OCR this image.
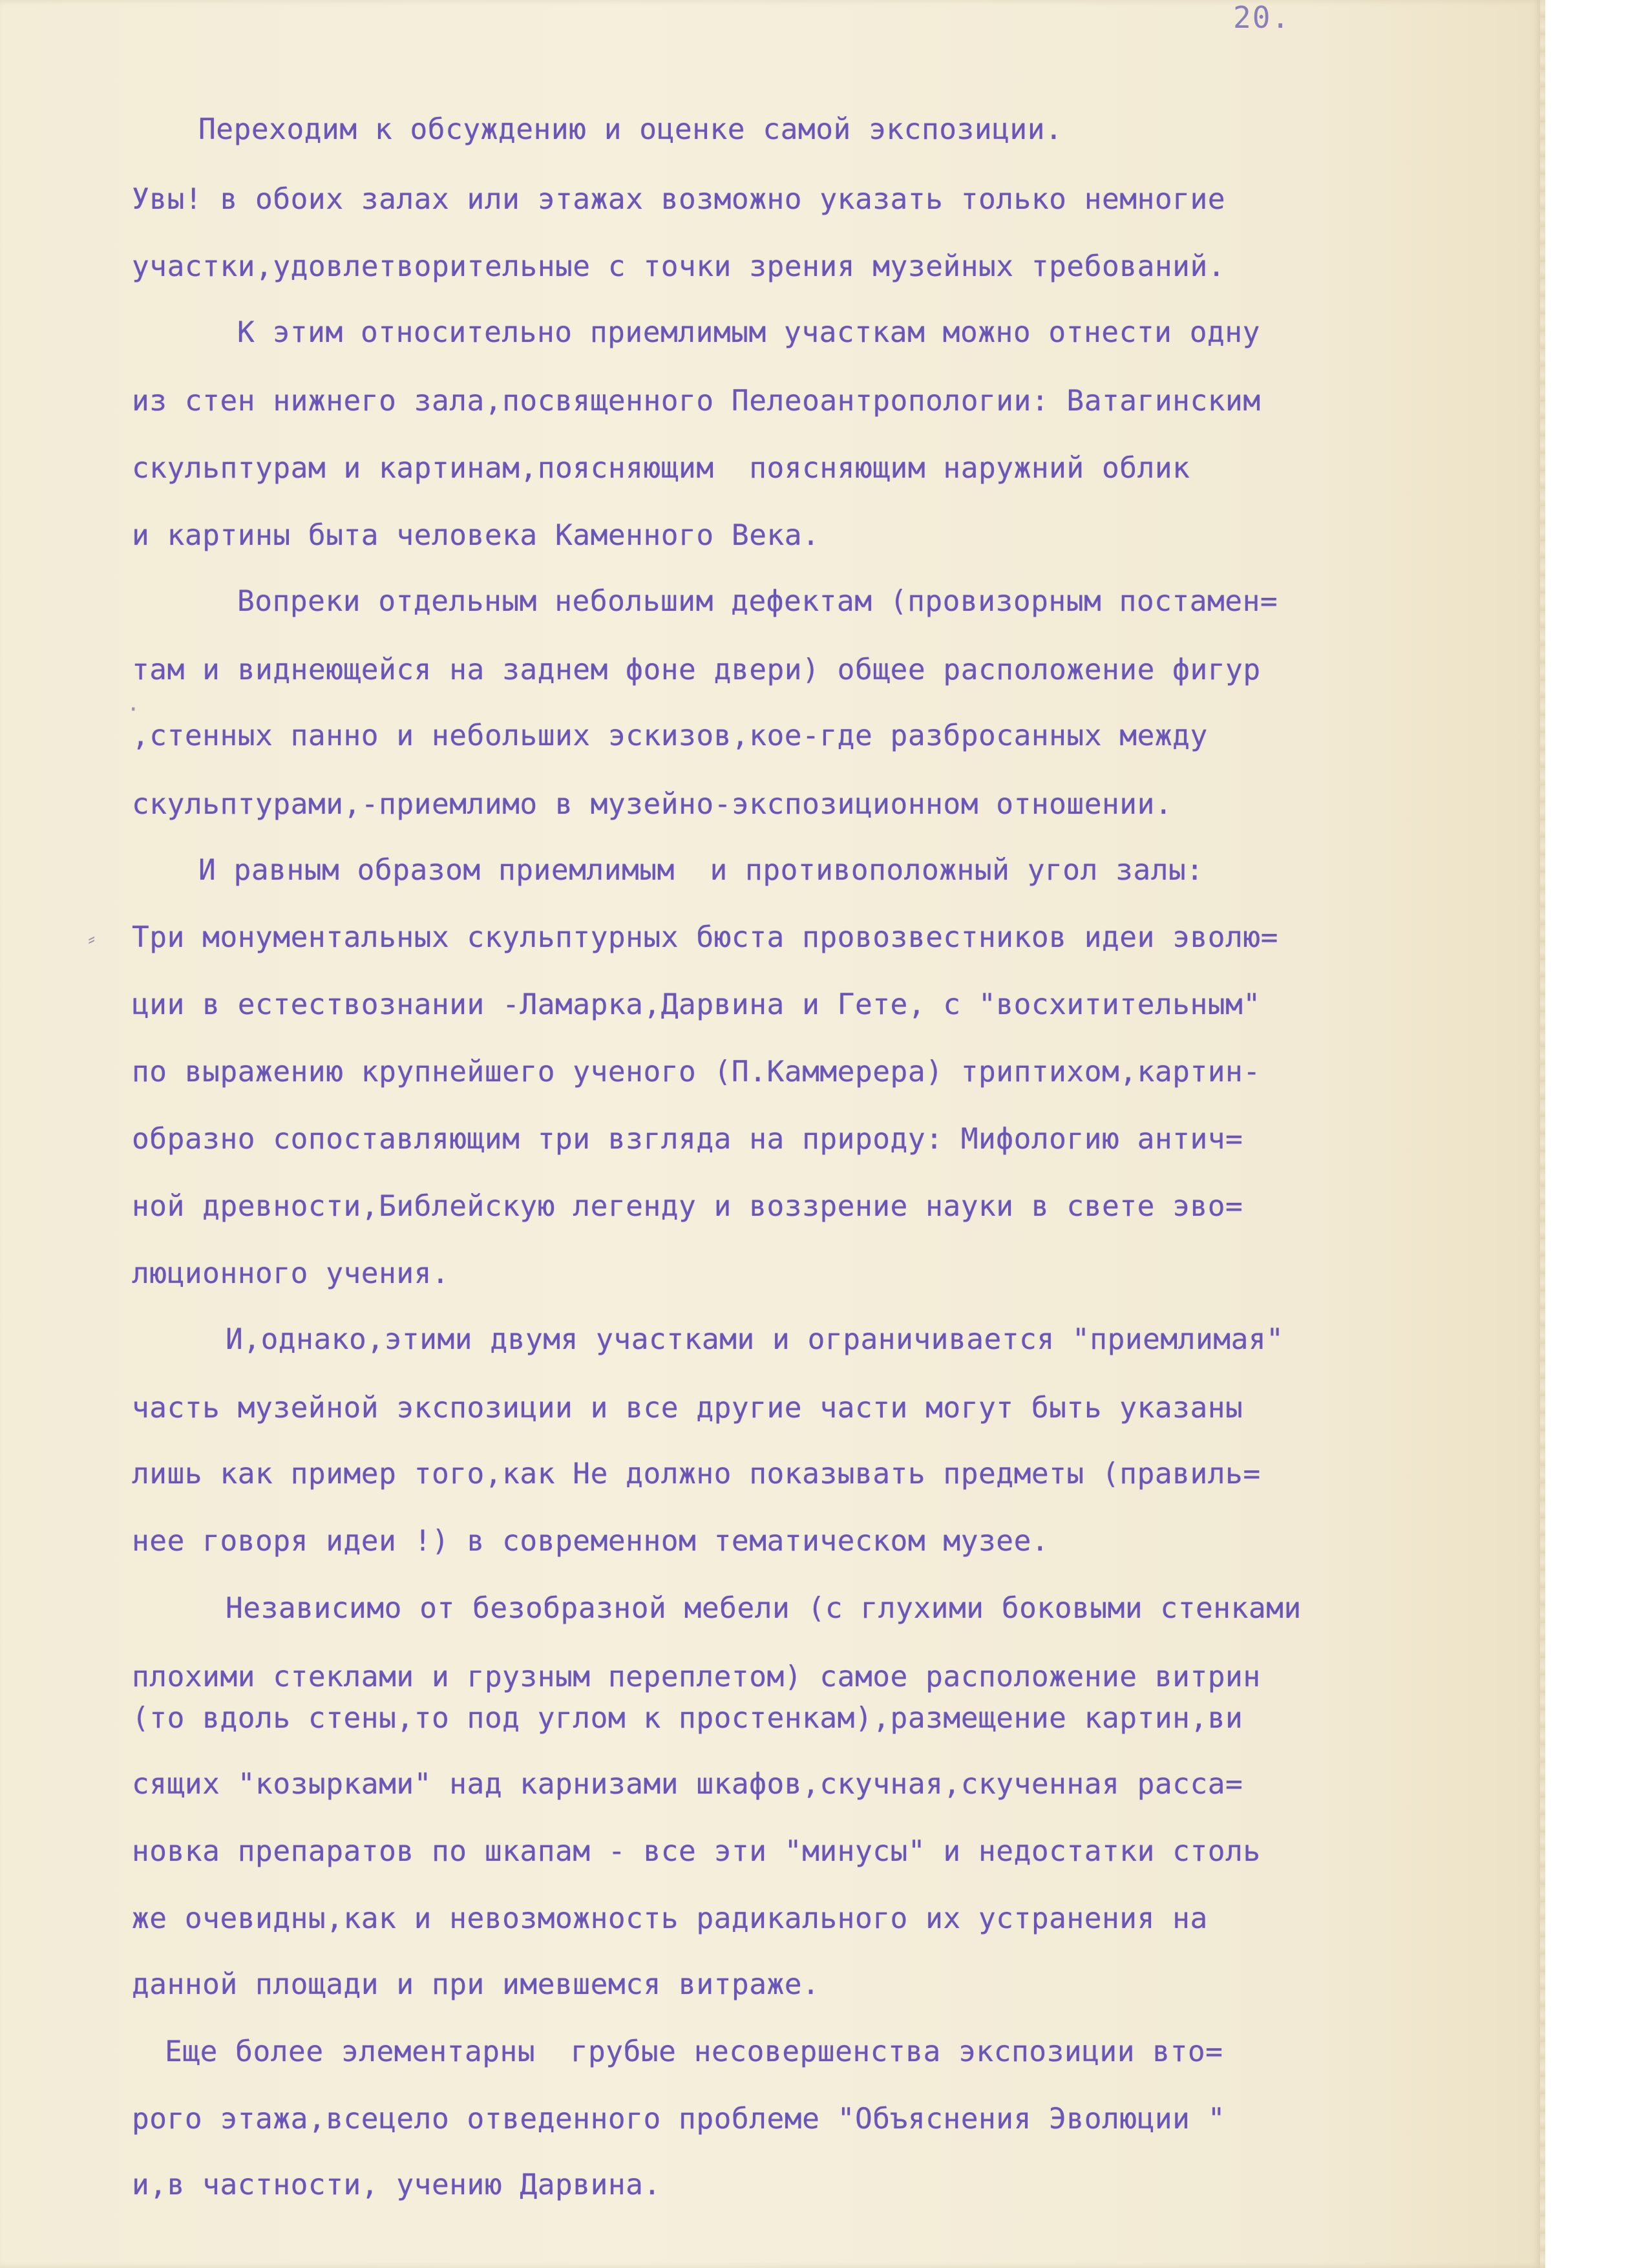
20.
·
⸗
Переходим к обсуждению и оценке самой экспозиции.
Увы! в обоих залах или этажах возможно указать только немногие
участки,удовлетворительные с точки зрения музейных требований.
К этим относительно приемлимым участкам можно отнести одну
из стен нижнего зала,посвященного Пелеоантропологии: Ватагинским
скульптурам и картинам,поясняющим  поясняющим наружний облик
и картины быта человека Каменного Века.
Вопреки отдельным небольшим дефектам (провизорным постамен=
там и виднеющейся на заднем фоне двери) общее расположение фигур
,стенных панно и небольших эскизов,кое-где разбросанных между
скульптурами,-приемлимо в музейно-экспозиционном отношении.
И равным образом приемлимым  и противоположный угол залы:
Три монументальных скульптурных бюста провозвестников идеи эволю=
ции в естествознании -Ламарка,Дарвина и Гете, с "восхитительным"
по выражению крупнейшего ученого (П.Каммерера) триптихом,картин-
образно сопоставляющим три взгляда на природу: Мифологию антич=
ной древности,Библейскую легенду и воззрение науки в свете эво=
люционного учения.
И,однако,этими двумя участками и ограничивается "приемлимая"
часть музейной экспозиции и все другие части могут быть указаны
лишь как пример того,как Не должно показывать предметы (правиль=
нее говоря идеи !) в современном тематическом музее.
Независимо от безобразной мебели (с глухими боковыми стенками
плохими стеклами и грузным переплетом) самое расположение витрин
(то вдоль стены,то под углом к простенкам),размещение картин,ви
сящих "козырками" над карнизами шкафов,скучная,скученная расса=
новка препаратов по шкапам - все эти "минусы" и недостатки столь
же очевидны,как и невозможность радикального их устранения на
данной площади и при имевшемся витраже.
Еще более элементарны  грубые несовершенства экспозиции вто=
рого этажа,всецело отведенного проблеме "Объяснения Эволюции "
и,в частности, учению Дарвина.
